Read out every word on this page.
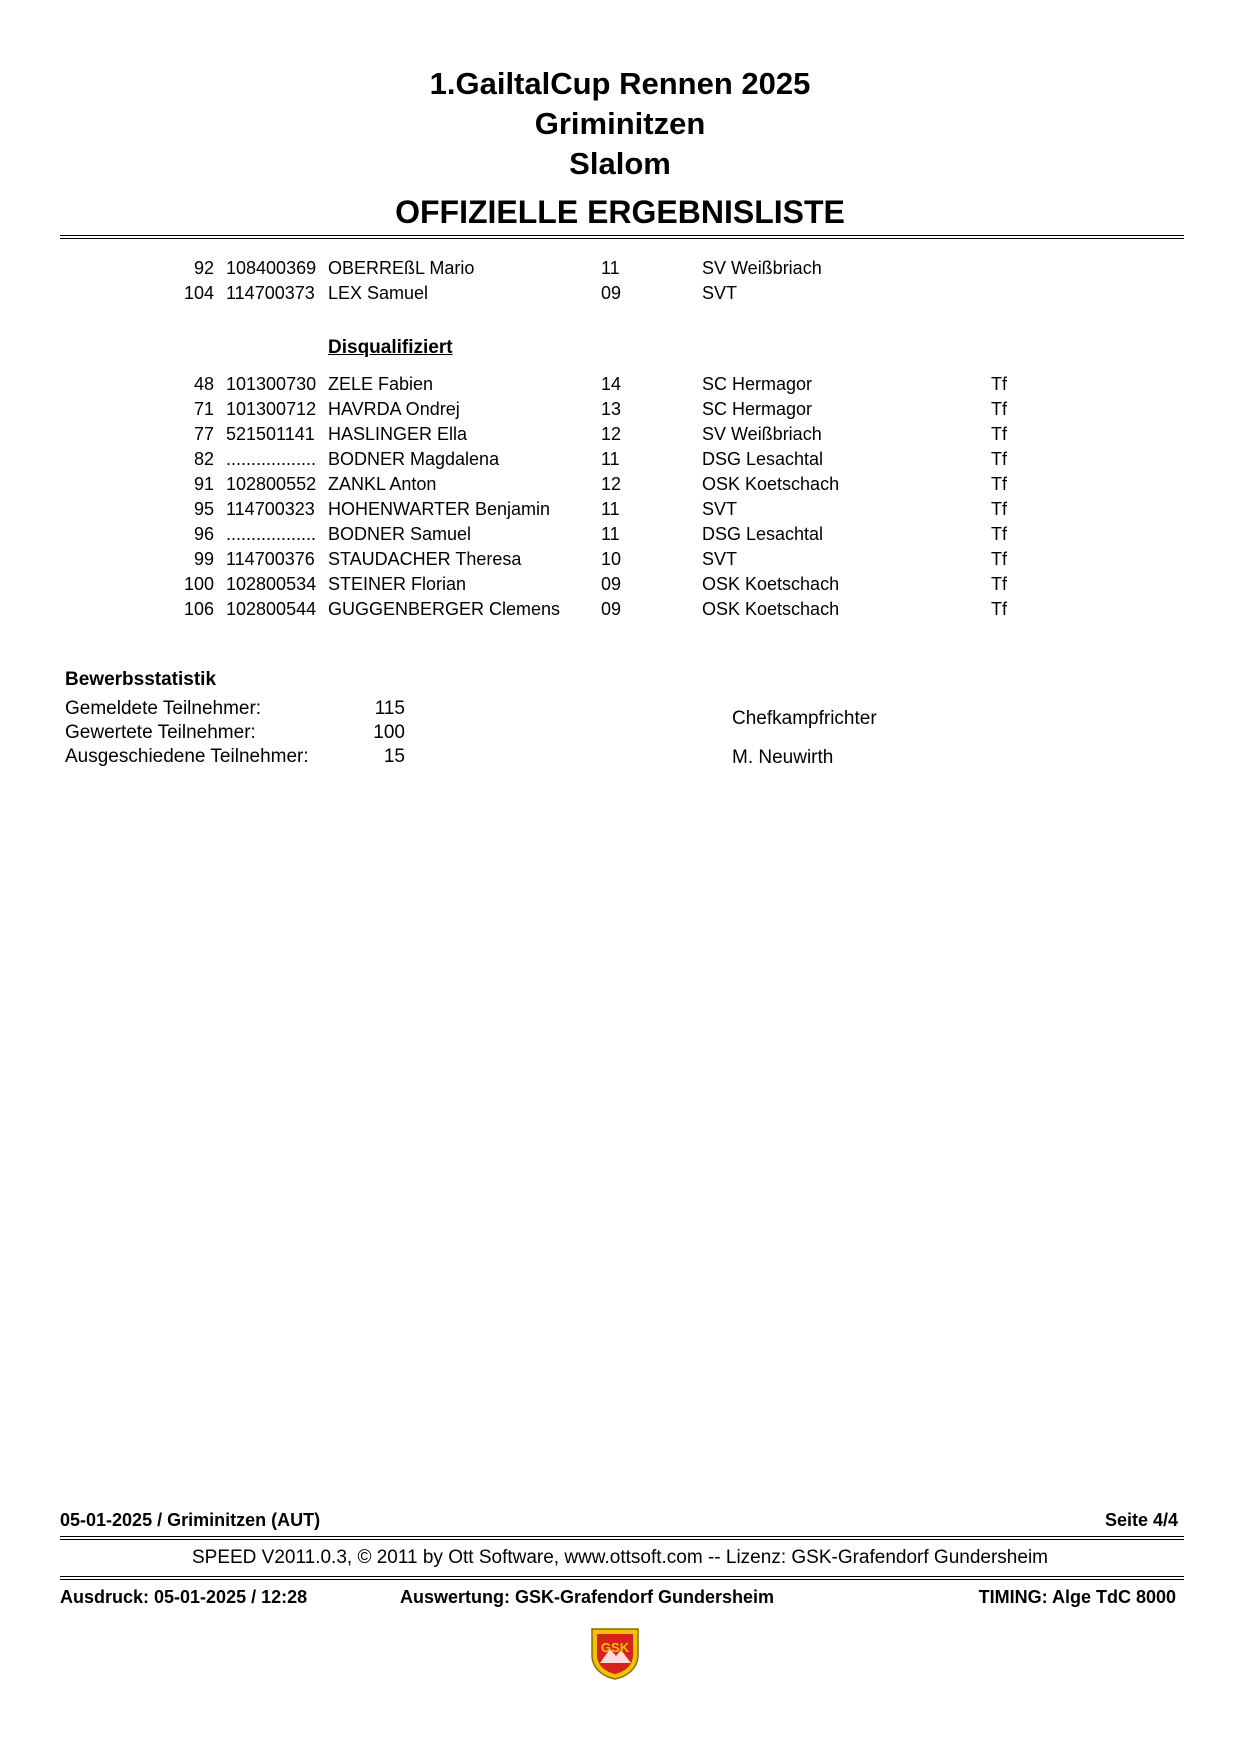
1.GailtalCup Rennen 2025
Griminitzen
Slalom
OFFIZIELLE ERGEBNISLISTE
92 108400369 OBERREßL Mario	11	SV Weißbriach
104 114700373 LEX Samuel	09	SVT
Disqualifiziert
48 101300730 ZELE Fabien	14	SC Hermagor	Tf
71 101300712 HAVRDA Ondrej	13	SC Hermagor	Tf
77 521501141 HASLINGER Ella	12	SV Weißbriach	Tf
82 .................. BODNER Magdalena	11	DSG Lesachtal	Tf
91 102800552 ZANKL Anton	12	OSK Koetschach	Tf
95 114700323 HOHENWARTER Benjamin	11	SVT	Tf
96 .................. BODNER Samuel	11	DSG Lesachtal	Tf
99 114700376 STAUDACHER Theresa	10	SVT	Tf
100 102800534 STEINER Florian	09	OSK Koetschach	Tf
106 102800544 GUGGENBERGER Clemens 09	OSK Koetschach	Tf
Bewerbsstatistik
Gemeldete Teilnehmer:	115
Gewertete Teilnehmer:	100
Ausgeschiedene Teilnehmer:	15
Chefkampfrichter
M. Neuwirth
05-01-2025 / Griminitzen (AUT)	Seite 4/4
SPEED V2011.0.3, © 2011 by Ott Software, www.ottsoft.com -- Lizenz: GSK-Grafendorf Gundersheim
Ausdruck: 05-01-2025 / 12:28	Auswertung: GSK-Grafendorf Gundersheim	TIMING: Alge TdC 8000
GSK
